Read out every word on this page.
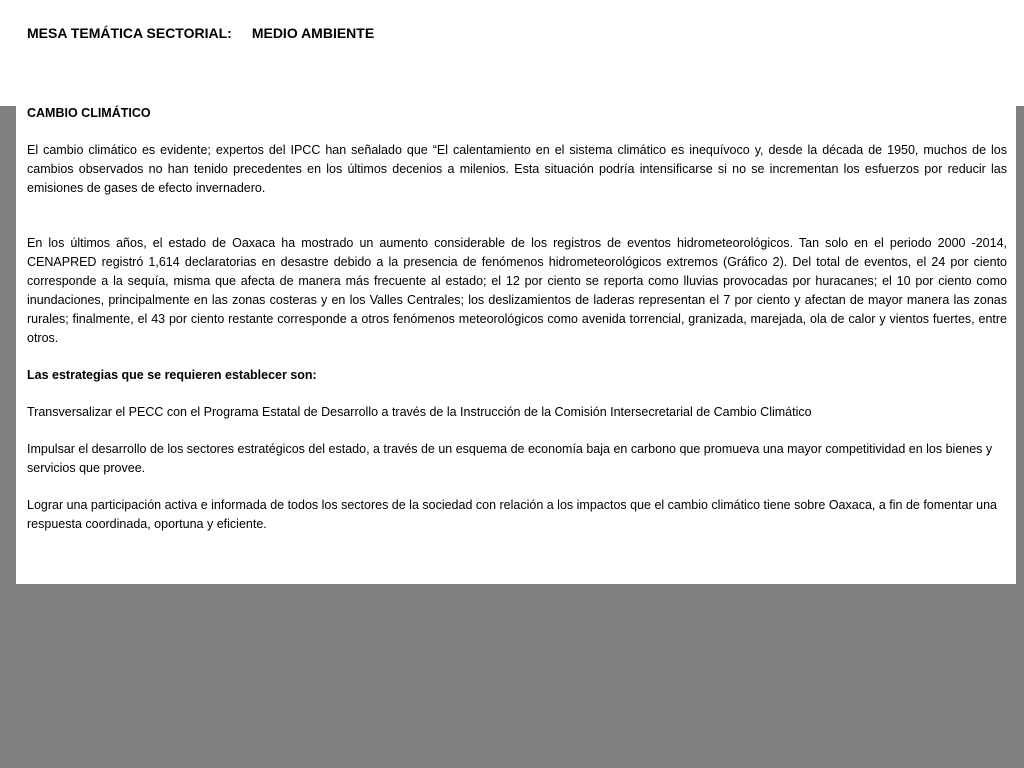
MESA TEMÁTICA SECTORIAL: MEDIO AMBIENTE
CAMBIO CLIMÁTICO

El cambio climático es evidente; expertos del IPCC han señalado que “El calentamiento en el sistema climático es inequívoco y, desde la década de 1950, muchos de los cambios observados no han tenido precedentes en los últimos decenios a milenios. Esta situación podría intensificarse si no se incrementan los esfuerzos por reducir las emisiones de gases de efecto invernadero.

En los últimos años, el estado de Oaxaca ha mostrado un aumento considerable de los registros de eventos hidrometeorológicos. Tan solo en el periodo 2000 -2014, CENAPRED registró 1,614 declaratorias en desastre debido a la presencia de fenómenos hidrometeorológicos extremos (Gráfico 2). Del total de eventos, el 24 por ciento corresponde a la sequía, misma que afecta de manera más frecuente al estado; el 12 por ciento se reporta como lluvias provocadas por huracanes; el 10 por ciento como inundaciones, principalmente en las zonas costeras y en los Valles Centrales; los deslizamientos de laderas representan el 7 por ciento y afectan de mayor manera las zonas rurales; finalmente, el 43 por ciento restante corresponde a otros fenómenos meteorológicos como avenida torrencial, granizada, marejada, ola de calor y vientos fuertes, entre otros.

Las estrategias que se requieren establecer son:

Transversalizar el PECC con el Programa Estatal de Desarrollo a través de la Instrucción de la Comisión Intersecretarial de Cambio Climático

Impulsar el desarrollo de los sectores estratégicos del estado, a través de un esquema de economía baja en carbono que promueva una mayor competitividad en los bienes y servicios que provee.

Lograr una participación activa e informada de todos los sectores de la sociedad con relación a los impactos que el cambio climático tiene sobre Oaxaca, a fin de fomentar una respuesta coordinada, oportuna y eficiente.
